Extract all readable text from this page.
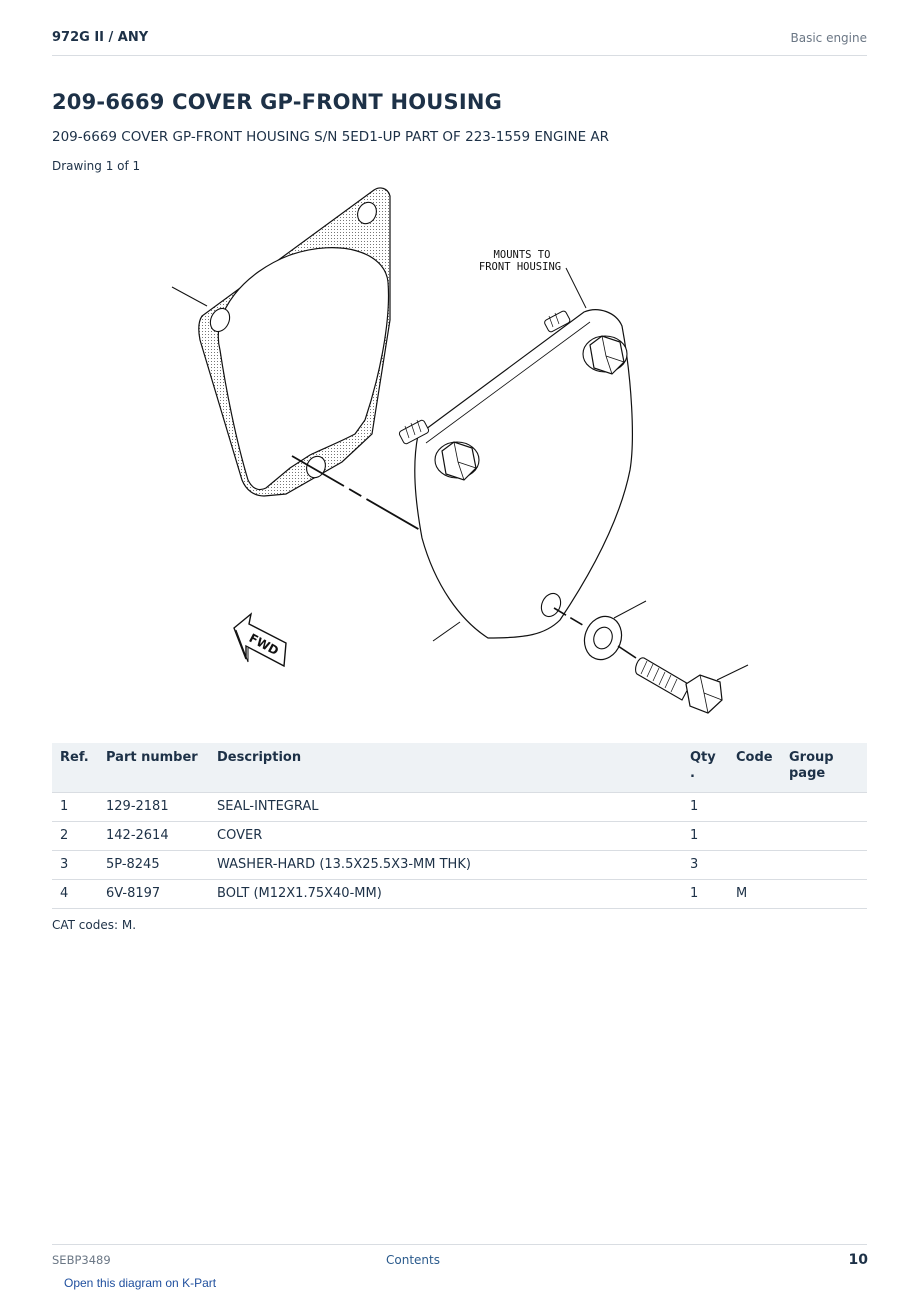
972G II / ANY	Basic engine
209-6669 COVER GP-FRONT HOUSING
209-6669 COVER GP-FRONT HOUSING S/N 5ED1-UP PART OF 223-1559 ENGINE AR
Drawing 1 of 1
MOUNTS TO
FRONT HOUSING
FWD
Ref.	Part number	Description	Qty .	Code	Group page
1	129-2181	SEAL-INTEGRAL	1		
2	142-2614	COVER	1		
3	5P-8245	WASHER-HARD (13.5X25.5X3-MM THK)	3		
4	6V-8197	BOLT (M12X1.75X40-MM)	1	M	
CAT codes: M.
SEBP3489	Contents	10
Open this diagram on K-Part
